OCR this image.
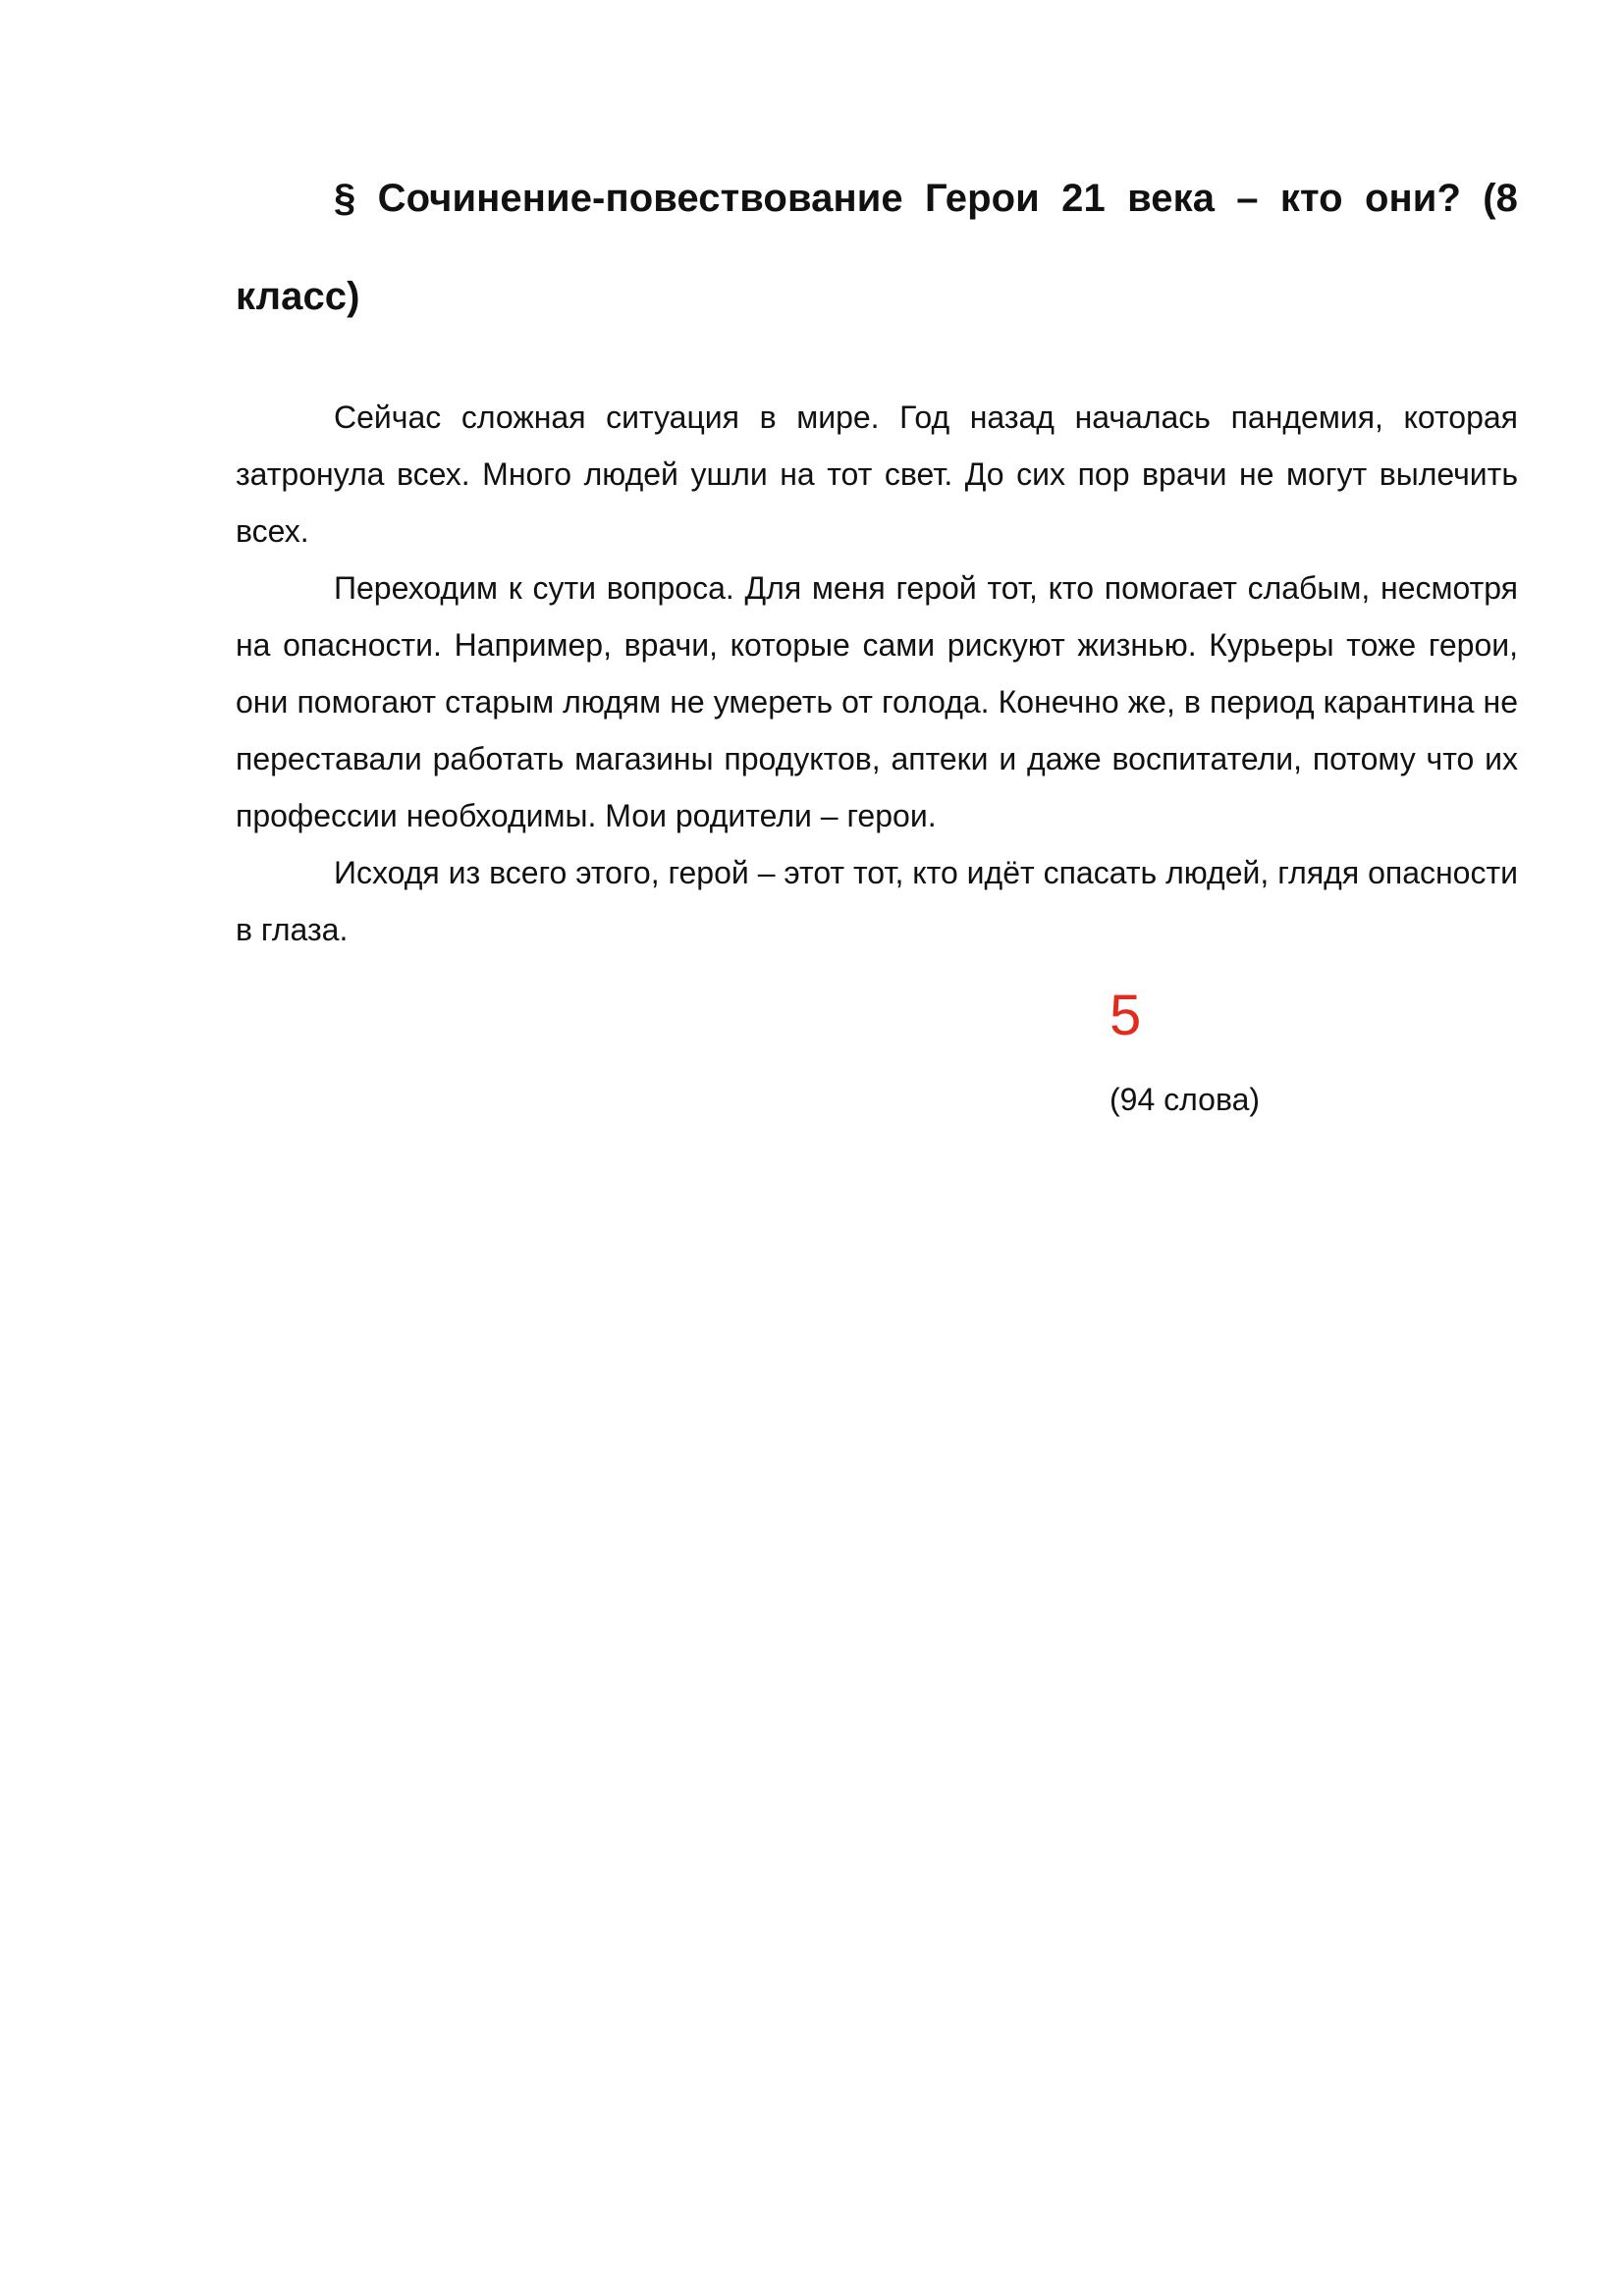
§ Сочинение-повествование Герои 21 века – кто они? (8 класс)

Сейчас сложная ситуация в мире. Год назад началась пандемия, которая затронула всех. Много людей ушли на тот свет. До сих пор врачи не могут вылечить всех.

Переходим к сути вопроса. Для меня герой тот, кто помогает слабым, несмотря на опасности. Например, врачи, которые сами рискуют жизнью. Курьеры тоже герои, они помогают старым людям не умереть от голода. Конечно же, в период карантина не переставали работать магазины продуктов, аптеки и даже воспитатели, потому что их профессии необходимы. Мои родители – герои.

Исходя из всего этого, герой – этот тот, кто идёт спасать людей, глядя опасности в глаза.

5

(94 слова)
